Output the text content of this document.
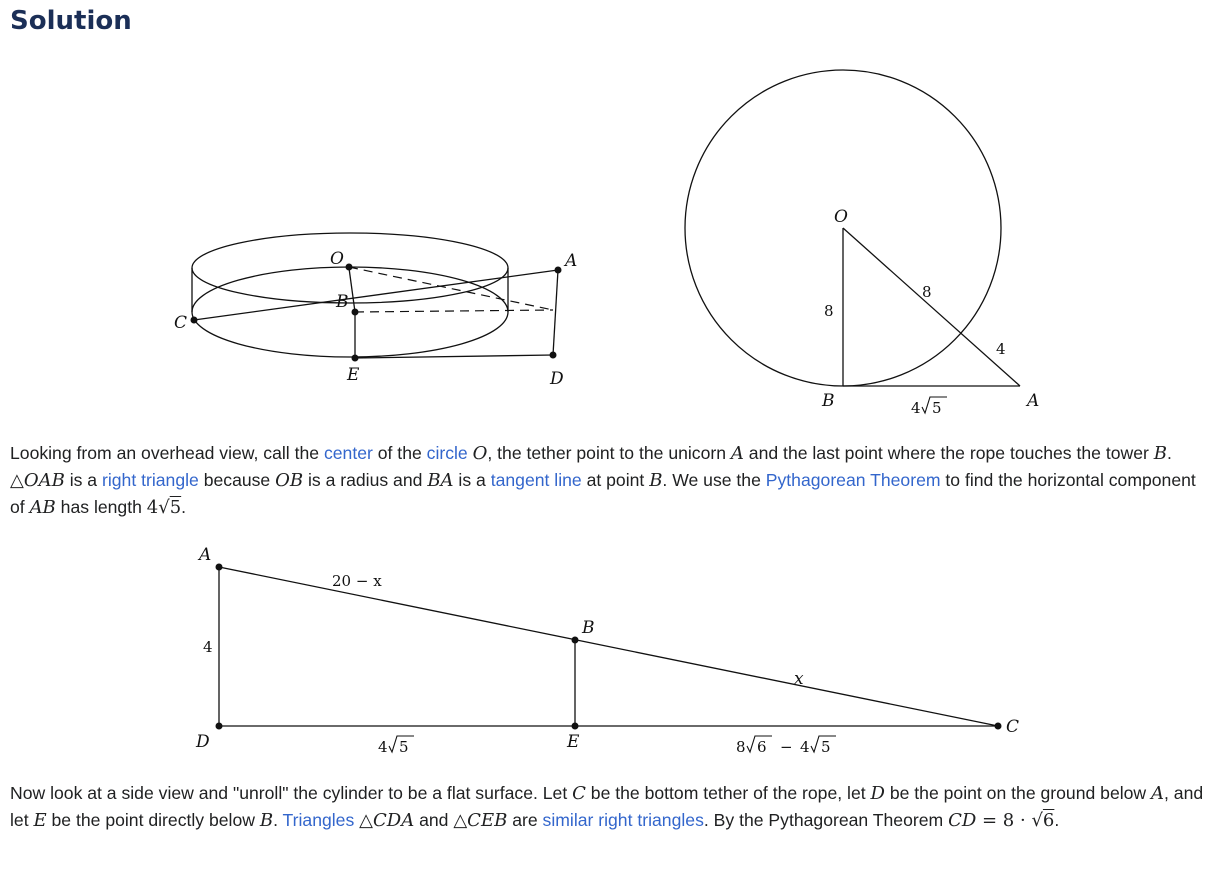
Solution
O	A
B
C
E	D
O
B	A
8
8
4
4 5

Looking from an overhead view, call the center of the circle O, the tether point to the unicorn A and the last point where the rope touches the tower B. △OAB is a right triangle because OB is a radius and BA is a tangent line at point B. We use the Pythagorean Theorem to find the horizontal component of AB has length 4√5.

A
D
B
E
C
4
20 − x
x
4 5	8 6 − 4 5

Now look at a side view and "unroll" the cylinder to be a flat surface. Let C be the bottom tether of the rope, let D be the point on the ground below A, and let E be the point directly below B. Triangles △CDA and △CEB are similar right triangles. By the Pythagorean Theorem CD = 8 · √6.
